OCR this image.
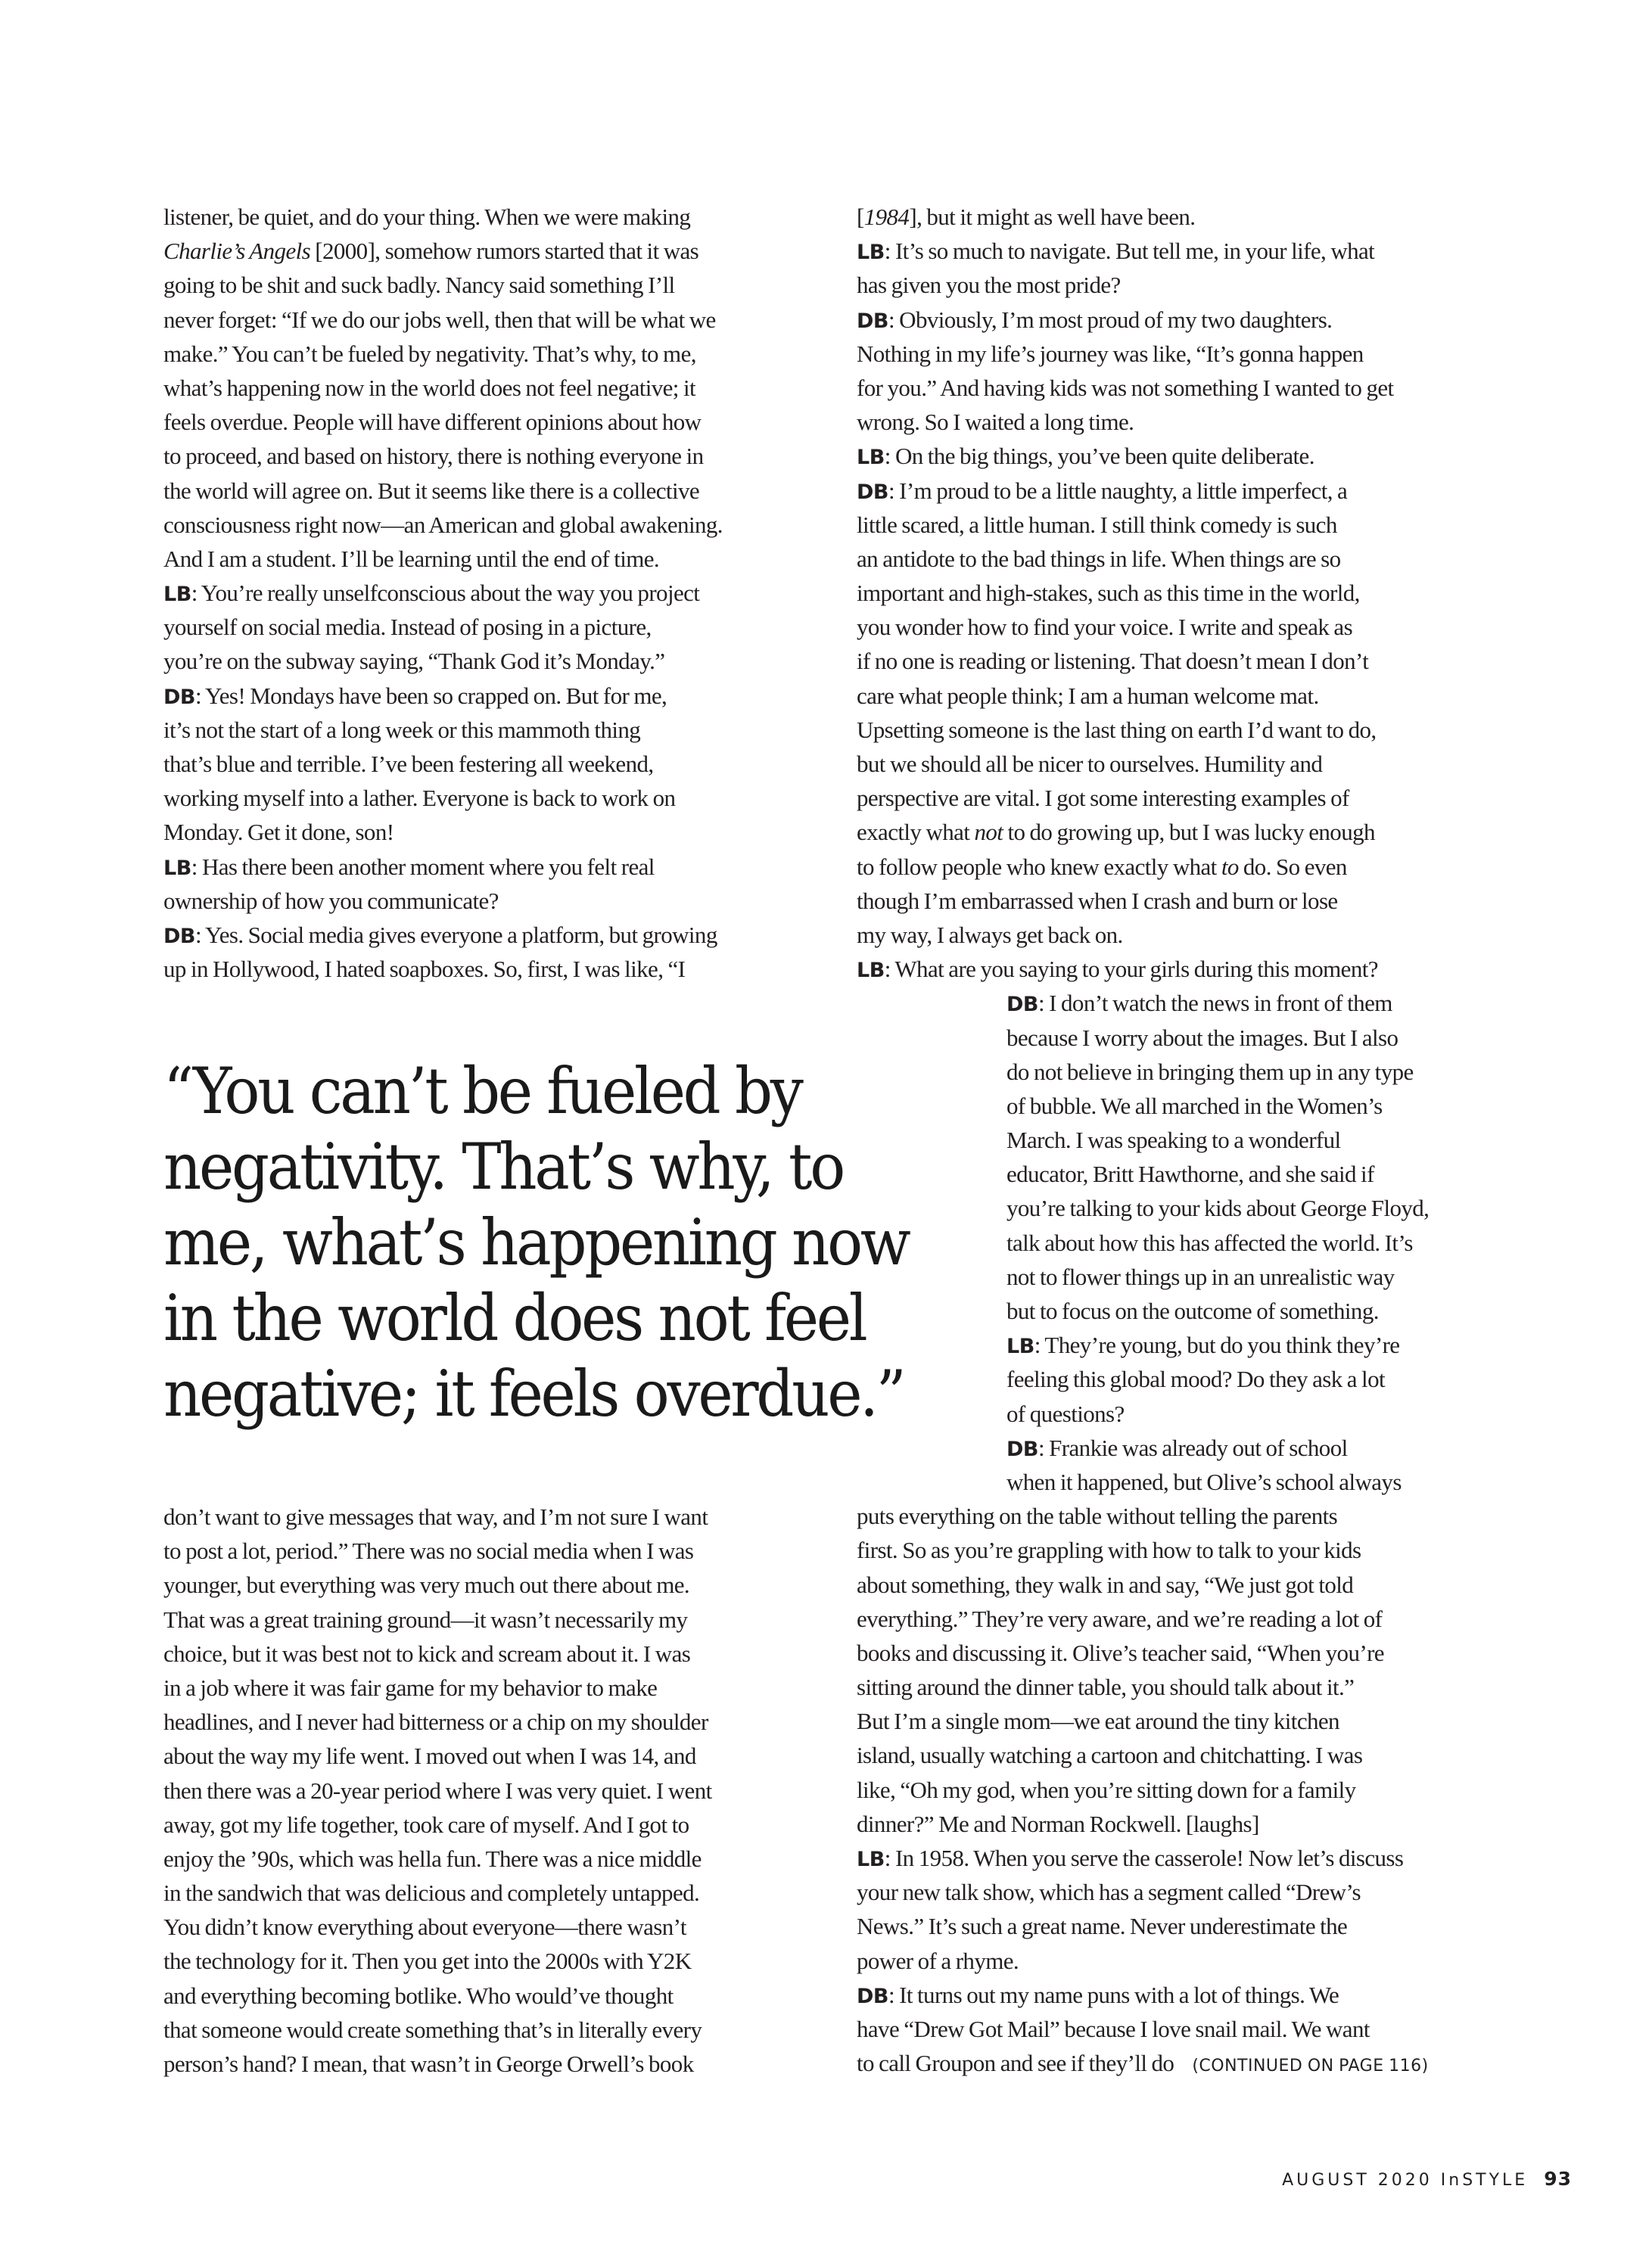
listener, be quiet, and do your thing. When we were making
Charlie’s Angels [2000], somehow rumors started that it was
going to be shit and suck badly. Nancy said something I’ll
never forget: “If we do our jobs well, then that will be what we
make.” You can’t be fueled by negativity. That’s why, to me,
what’s happening now in the world does not feel negative; it
feels overdue. People will have different opinions about how
to proceed, and based on history, there is nothing everyone in
the world will agree on. But it seems like there is a collective
consciousness right now—an American and global awakening.
And I am a student. I’ll be learning until the end of time.
LB: You’re really unselfconscious about the way you project
yourself on social media. Instead of posing in a picture,
you’re on the subway saying, “Thank God it’s Monday.”
DB: Yes! Mondays have been so crapped on. But for me,
it’s not the start of a long week or this mammoth thing
that’s blue and terrible. I’ve been festering all weekend,
working myself into a lather. Everyone is back to work on
Monday. Get it done, son!
LB: Has there been another moment where you felt real
ownership of how you communicate?
DB: Yes. Social media gives everyone a platform, but growing
up in Hollywood, I hated soapboxes. So, first, I was like, “I
“You can’t be fueled by
negativity. That’s why, to
me, what’s happening now
in the world does not feel
negative; it feels overdue.”
don’t want to give messages that way, and I’m not sure I want
to post a lot, period.” There was no social media when I was
younger, but everything was very much out there about me.
That was a great training ground—it wasn’t necessarily my
choice, but it was best not to kick and scream about it. I was
in a job where it was fair game for my behavior to make
headlines, and I never had bitterness or a chip on my shoulder
about the way my life went. I moved out when I was 14, and
then there was a 20-year period where I was very quiet. I went
away, got my life together, took care of myself. And I got to
enjoy the ’90s, which was hella fun. There was a nice middle
in the sandwich that was delicious and completely untapped.
You didn’t know everything about everyone—there wasn’t
the technology for it. Then you get into the 2000s with Y2K
and everything becoming botlike. Who would’ve thought
that someone would create something that’s in literally every
person’s hand? I mean, that wasn’t in George Orwell’s book
[1984], but it might as well have been.
LB: It’s so much to navigate. But tell me, in your life, what
has given you the most pride?
DB: Obviously, I’m most proud of my two daughters.
Nothing in my life’s journey was like, “It’s gonna happen
for you.” And having kids was not something I wanted to get
wrong. So I waited a long time.
LB: On the big things, you’ve been quite deliberate.
DB: I’m proud to be a little naughty, a little imperfect, a
little scared, a little human. I still think comedy is such
an antidote to the bad things in life. When things are so
important and high-stakes, such as this time in the world,
you wonder how to find your voice. I write and speak as
if no one is reading or listening. That doesn’t mean I don’t
care what people think; I am a human welcome mat.
Upsetting someone is the last thing on earth I’d want to do,
but we should all be nicer to ourselves. Humility and
perspective are vital. I got some interesting examples of
exactly what not to do growing up, but I was lucky enough
to follow people who knew exactly what to do. So even
though I’m embarrassed when I crash and burn or lose
my way, I always get back on.
LB: What are you saying to your girls during this moment?
DB: I don’t watch the news in front of them
because I worry about the images. But I also
do not believe in bringing them up in any type
of bubble. We all marched in the Women’s
March. I was speaking to a wonderful
educator, Britt Hawthorne, and she said if
you’re talking to your kids about George Floyd,
talk about how this has affected the world. It’s
not to flower things up in an unrealistic way
but to focus on the outcome of something.
LB: They’re young, but do you think they’re
feeling this global mood? Do they ask a lot
of questions?
DB: Frankie was already out of school
when it happened, but Olive’s school always
puts everything on the table without telling the parents
first. So as you’re grappling with how to talk to your kids
about something, they walk in and say, “We just got told
everything.” They’re very aware, and we’re reading a lot of
books and discussing it. Olive’s teacher said, “When you’re
sitting around the dinner table, you should talk about it.”
But I’m a single mom—we eat around the tiny kitchen
island, usually watching a cartoon and chitchatting. I was
like, “Oh my god, when you’re sitting down for a family
dinner?” Me and Norman Rockwell. [laughs]
LB: In 1958. When you serve the casserole! Now let’s discuss
your new talk show, which has a segment called “Drew’s
News.” It’s such a great name. Never underestimate the
power of a rhyme.
DB: It turns out my name puns with a lot of things. We
have “Drew Got Mail” because I love snail mail. We want
to call Groupon and see if they’ll do (CONTINUED ON PAGE 116)
AUGUST 2020 InSTYLE 93
